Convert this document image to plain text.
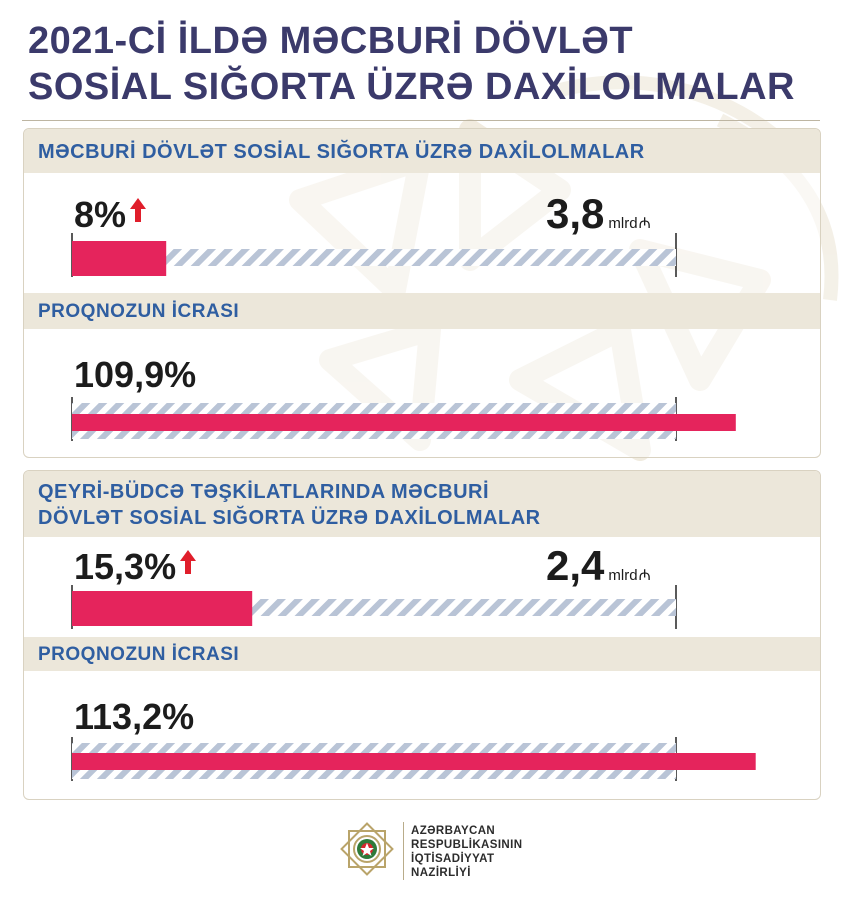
2021-Cİ İLDƏ MƏCBURİ DÖVLƏT
SOSİAL SIĞORTA ÜZRƏ DAXİLOLMALAR

MƏCBURİ DÖVLƏT SOSİAL SIĞORTA ÜZRƏ DAXİLOLMALAR

8%	3,8 mlrd₼

PROQNOZUN İCRASI

109,9%

QEYRİ-BÜDCƏ TƏŞKİLATLARINDA MƏCBURİ
DÖVLƏT SOSİAL SIĞORTA ÜZRƏ DAXİLOLMALAR

15,3%	2,4 mlrd₼

PROQNOZUN İCRASI

113,2%
AZƏRBAYCAN
RESPUBLİKASININ
İQTİSADİYYAT
NAZİRLİYİ
